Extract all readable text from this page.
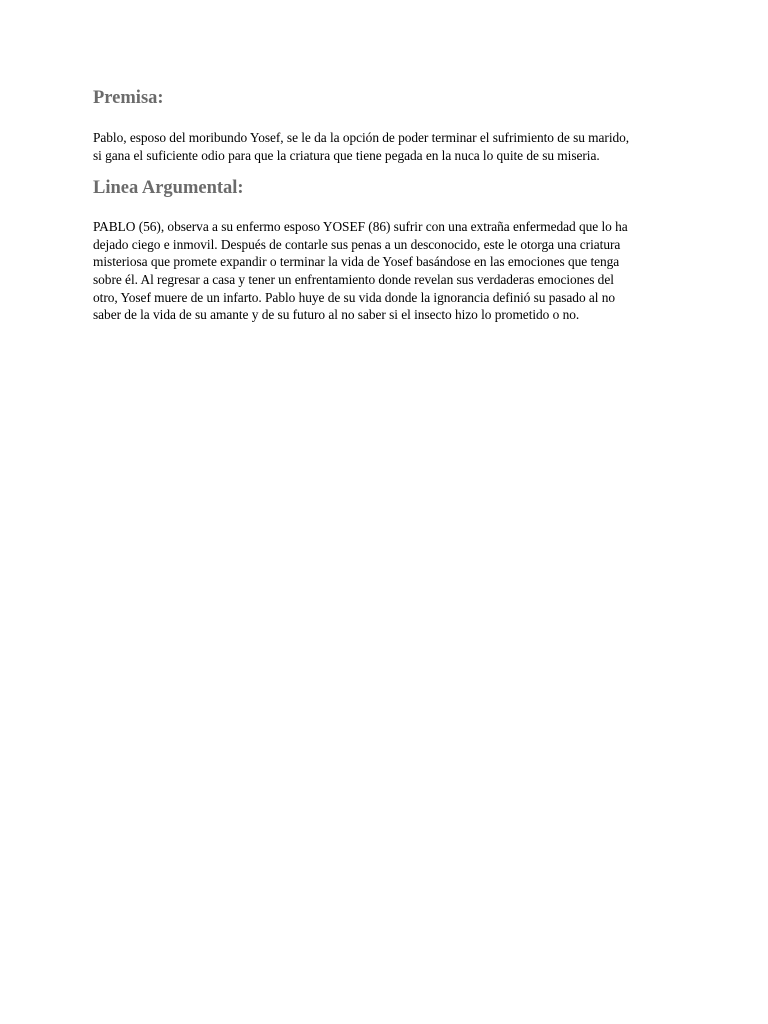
Premisa:

Pablo, esposo del moribundo Yosef, se le da la opción de poder terminar el sufrimiento de su marido,
si gana el suficiente odio para que la criatura que tiene pegada en la nuca lo quite de su miseria.

Linea Argumental:

PABLO (56), observa a su enfermo esposo YOSEF (86) sufrir con una extraña enfermedad que lo ha
dejado ciego e inmovil. Después de contarle sus penas a un desconocido, este le otorga una criatura
misteriosa que promete expandir o terminar la vida de Yosef basándose en las emociones que tenga
sobre él. Al regresar a casa y tener un enfrentamiento donde revelan sus verdaderas emociones del
otro, Yosef muere de un infarto. Pablo huye de su vida donde la ignorancia definió su pasado al no
saber de la vida de su amante y de su futuro al no saber si el insecto hizo lo prometido o no.
